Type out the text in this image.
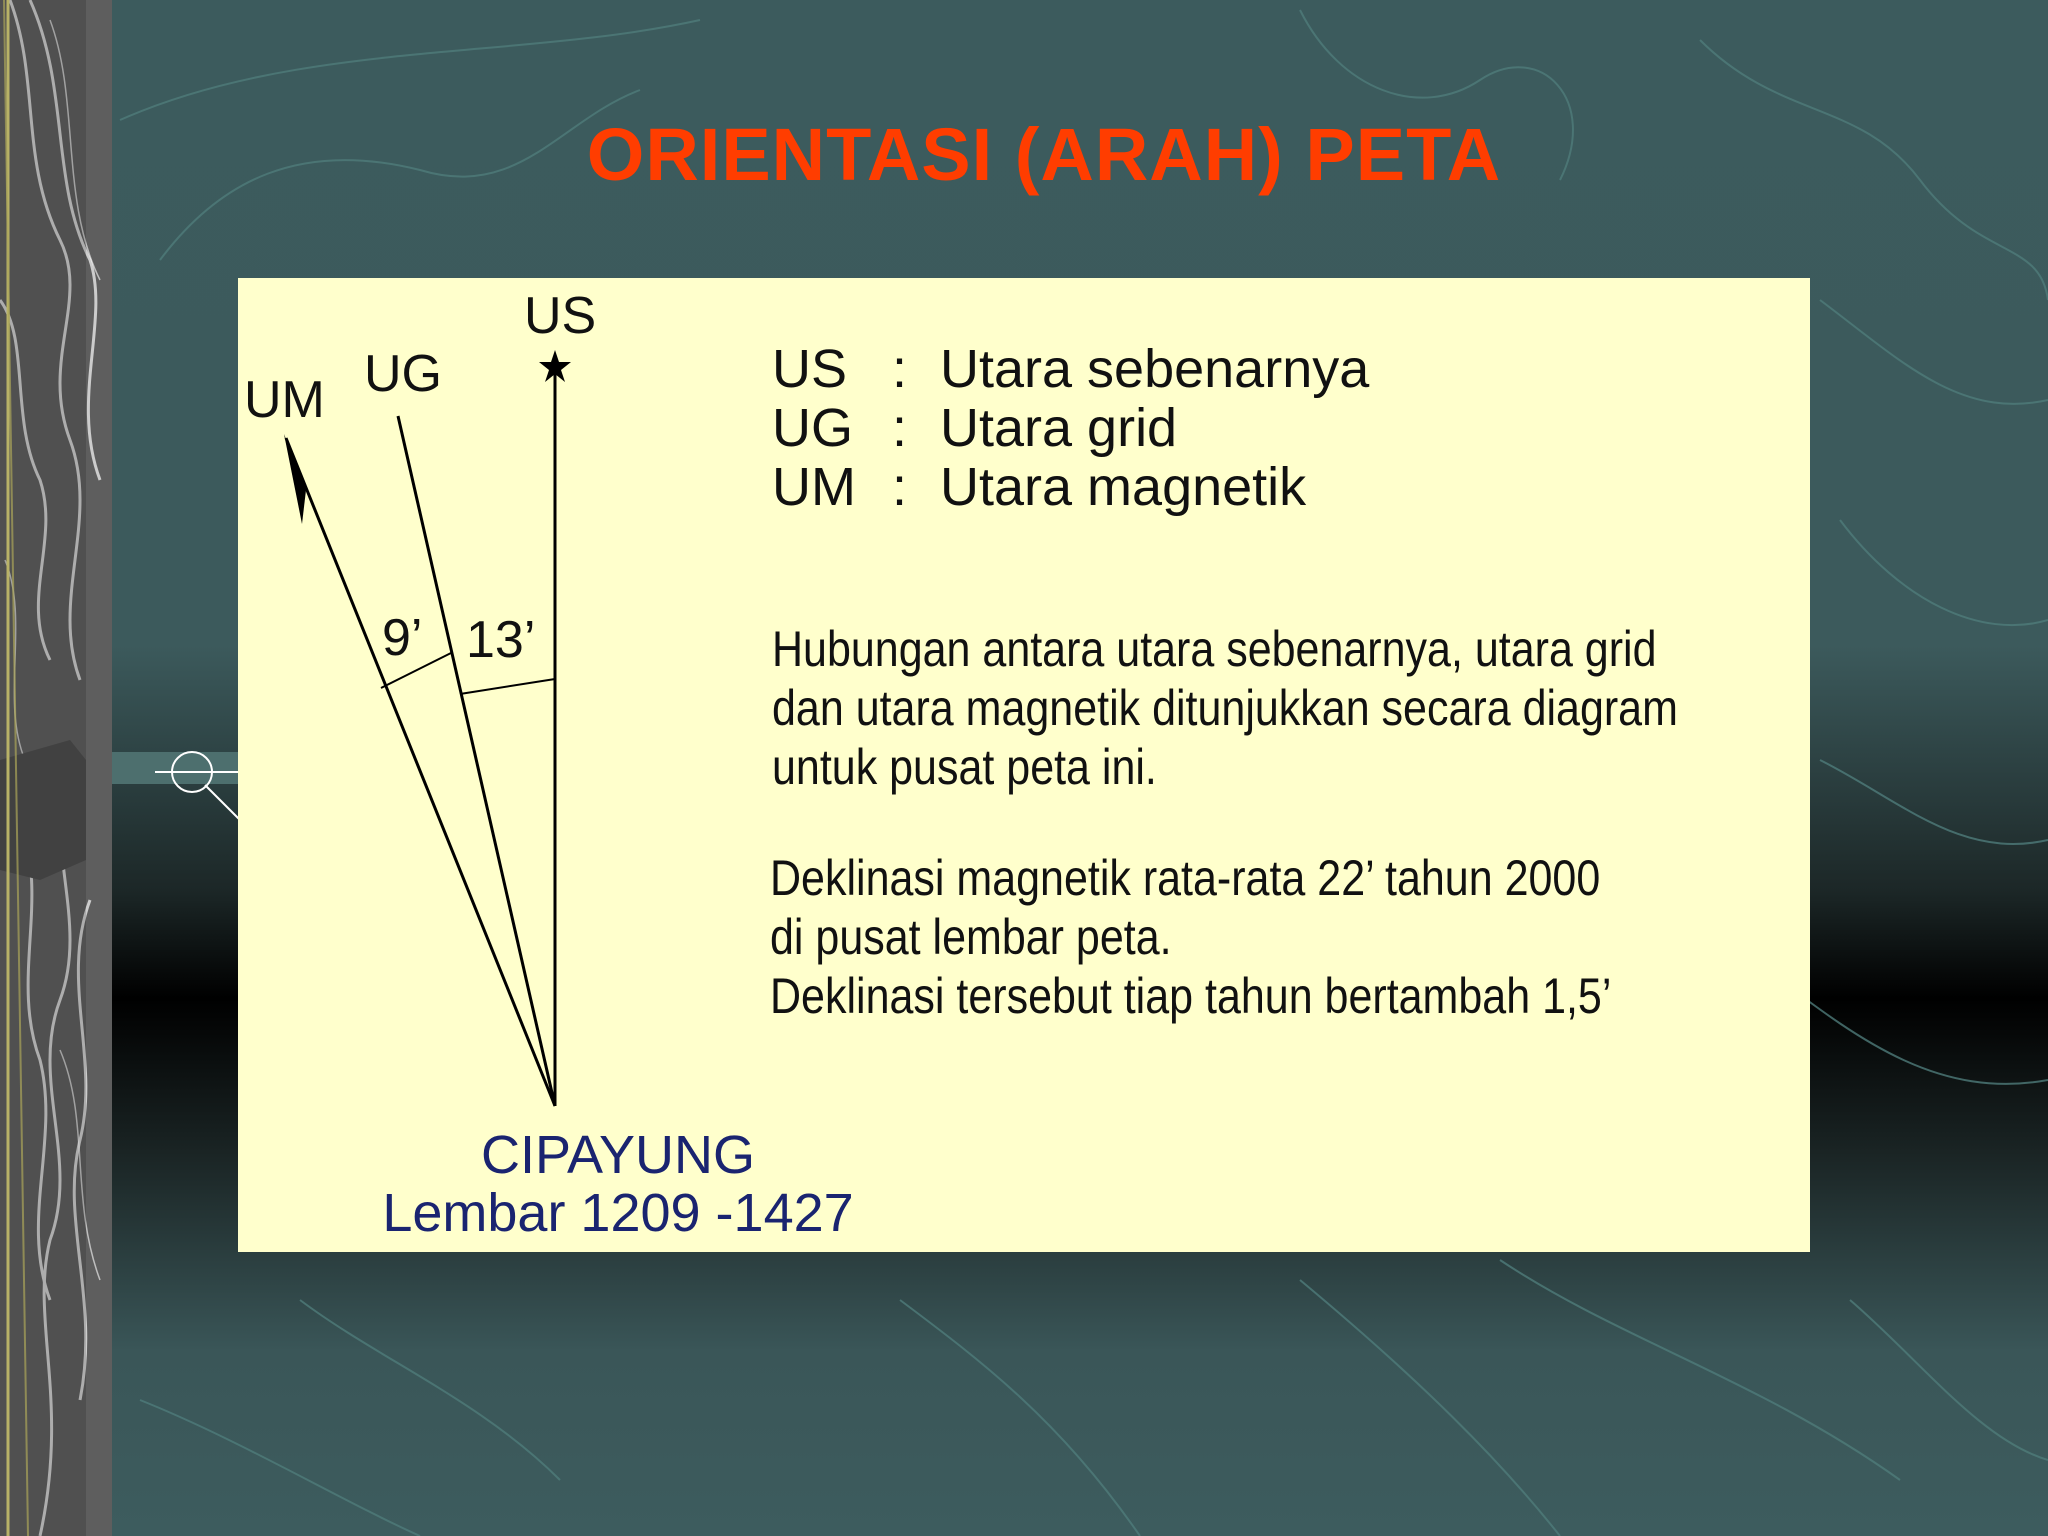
ORIENTASI (ARAH) PETA
US
UG
UM
9’ 13’
US : Utara sebenarnya
UG : Utara grid
UM : Utara magnetik
Hubungan antara utara sebenarnya, utara grid
dan utara magnetik ditunjukkan secara diagram
untuk pusat peta ini.
Deklinasi magnetik rata-rata 22’ tahun 2000
di pusat lembar peta.
Deklinasi tersebut tiap tahun bertambah 1,5’
CIPAYUNG
Lembar 1209 -1427
